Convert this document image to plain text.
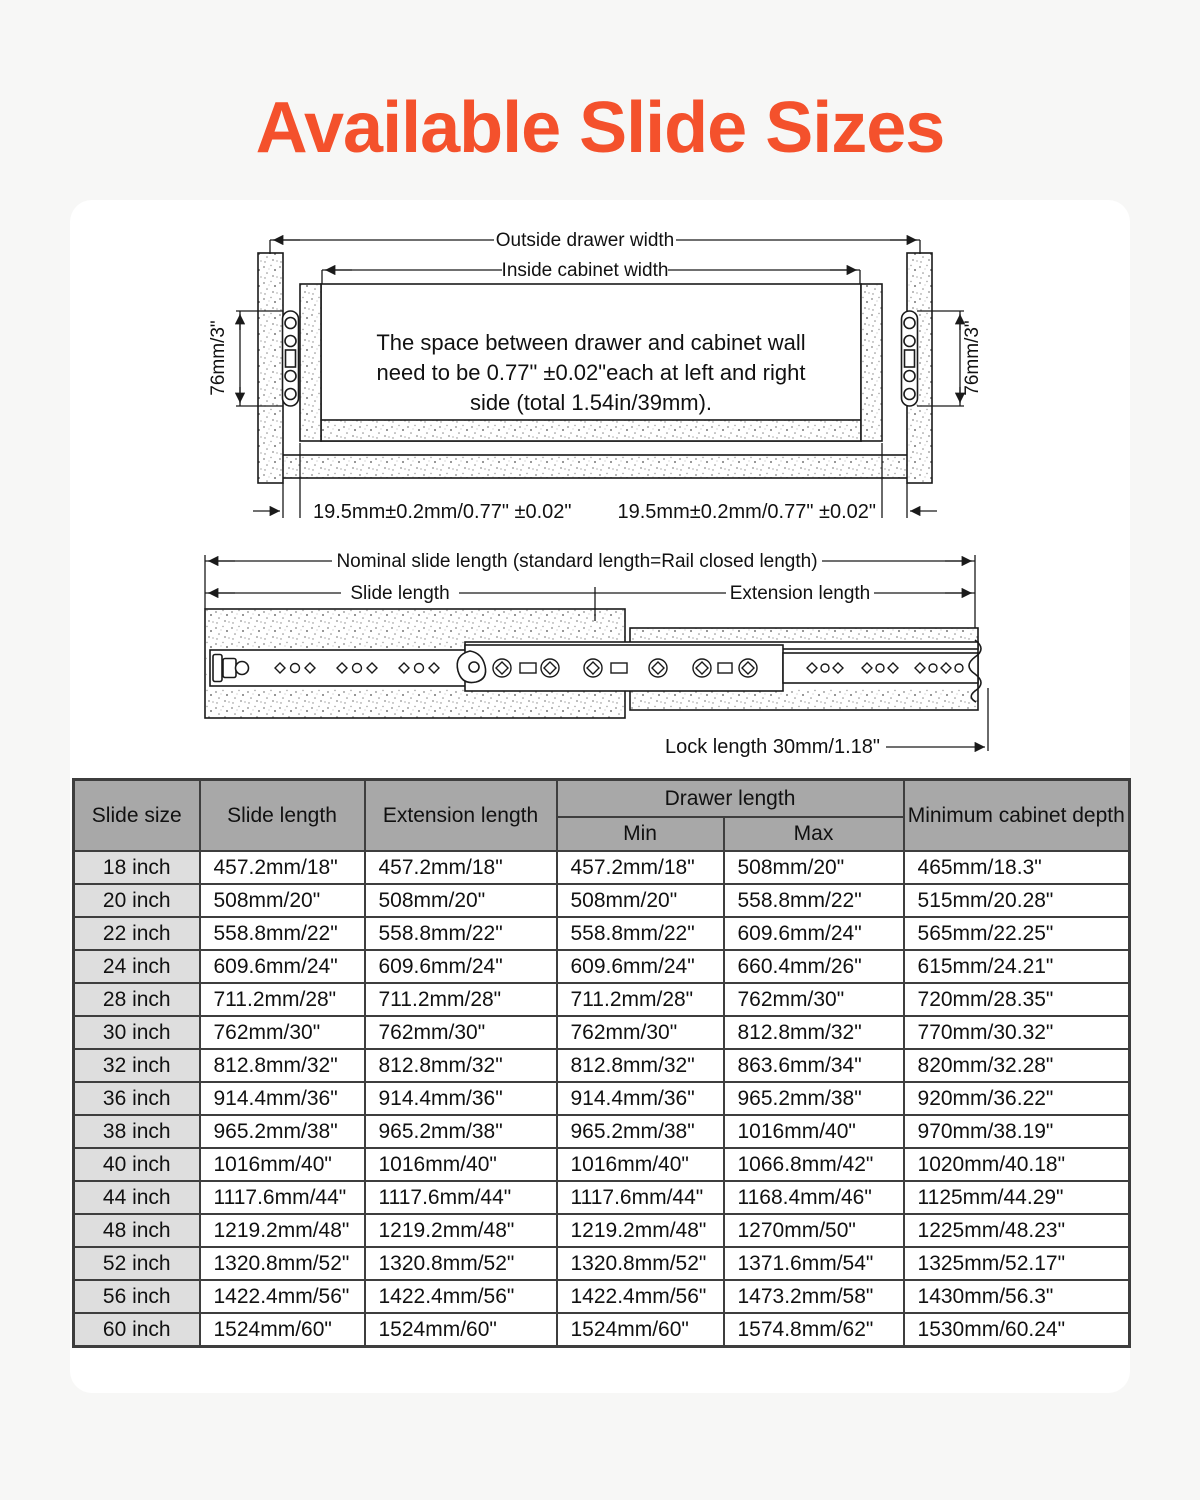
Available Slide Sizes
Outside drawer width
Inside cabinet width
The space between drawer and cabinet wall
need to be 0.77" ±0.02"each at left and right
side (total 1.54in/39mm).
76mm/3"	76mm/3"
19.5mm±0.2mm/0.77" ±0.02" 19.5mm±0.2mm/0.77" ±0.02"
Nominal slide length (standard length=Rail closed length)
Slide length	Extension length
Lock length 30mm/1.18"
Slide size	Slide length	Extension length	Drawer length		Minimum cabinet depth
			Min	Max	
18 inch	457.2mm/18"	457.2mm/18"	457.2mm/18"	508mm/20"	465mm/18.3"
20 inch	508mm/20"	508mm/20"	508mm/20"	558.8mm/22"	515mm/20.28"
22 inch	558.8mm/22"	558.8mm/22"	558.8mm/22"	609.6mm/24"	565mm/22.25"
24 inch	609.6mm/24"	609.6mm/24"	609.6mm/24"	660.4mm/26"	615mm/24.21"
28 inch	711.2mm/28"	711.2mm/28"	711.2mm/28"	762mm/30"	720mm/28.35"
30 inch	762mm/30"	762mm/30"	762mm/30"	812.8mm/32"	770mm/30.32"
32 inch	812.8mm/32"	812.8mm/32"	812.8mm/32"	863.6mm/34"	820mm/32.28"
36 inch	914.4mm/36"	914.4mm/36"	914.4mm/36"	965.2mm/38"	920mm/36.22"
38 inch	965.2mm/38"	965.2mm/38"	965.2mm/38"	1016mm/40"	970mm/38.19"
40 inch	1016mm/40"	1016mm/40"	1016mm/40"	1066.8mm/42"	1020mm/40.18"
44 inch	1117.6mm/44"	1117.6mm/44"	1117.6mm/44"	1168.4mm/46"	1125mm/44.29"
48 inch	1219.2mm/48"	1219.2mm/48"	1219.2mm/48"	1270mm/50"	1225mm/48.23"
52 inch	1320.8mm/52"	1320.8mm/52"	1320.8mm/52"	1371.6mm/54"	1325mm/52.17"
56 inch	1422.4mm/56"	1422.4mm/56"	1422.4mm/56"	1473.2mm/58"	1430mm/56.3"
60 inch	1524mm/60"	1524mm/60"	1524mm/60"	1574.8mm/62"	1530mm/60.24"
